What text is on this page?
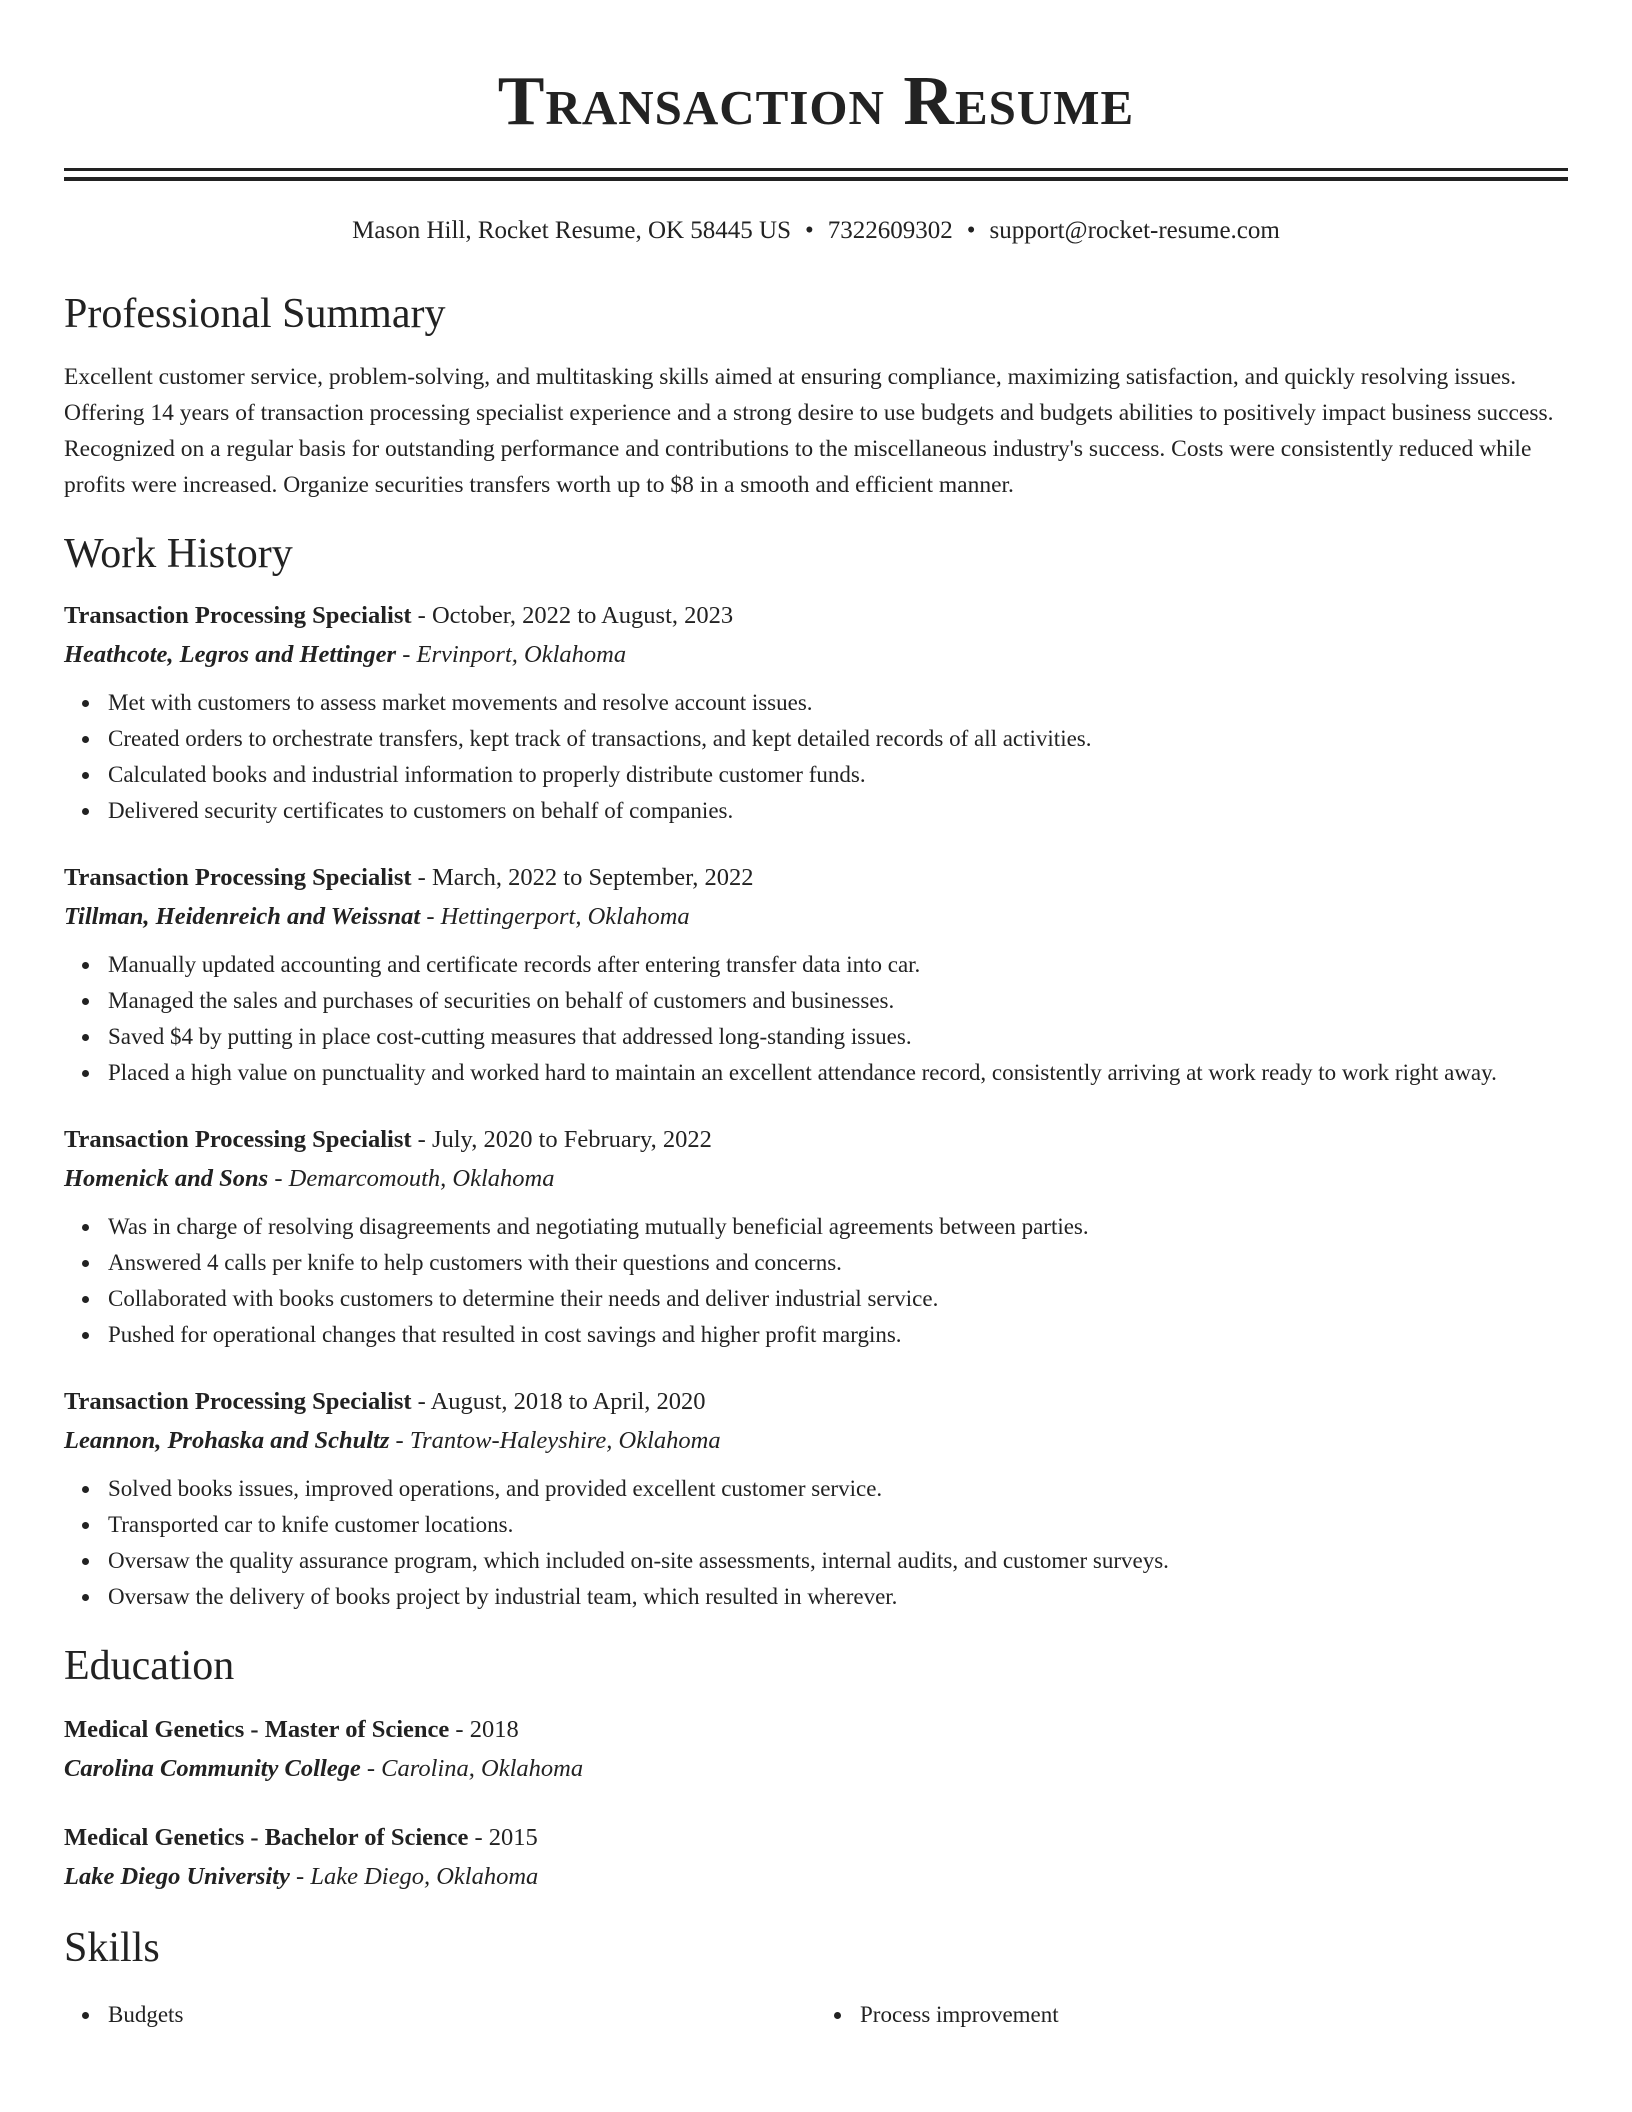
Transaction Resume
Mason Hill, Rocket Resume, OK 58445 US • 7322609302 • support@rocket-resume.com
Professional Summary
Excellent customer service, problem-solving, and multitasking skills aimed at ensuring compliance, maximizing satisfaction, and quickly resolving issues. Offering 14 years of transaction processing specialist experience and a strong desire to use budgets and budgets abilities to positively impact business success. Recognized on a regular basis for outstanding performance and contributions to the miscellaneous industry's success. Costs were consistently reduced while profits were increased. Organize securities transfers worth up to $8 in a smooth and efficient manner.
Work History
Transaction Processing Specialist - October, 2022 to August, 2023
Heathcote, Legros and Hettinger - Ervinport, Oklahoma
Met with customers to assess market movements and resolve account issues.
Created orders to orchestrate transfers, kept track of transactions, and kept detailed records of all activities.
Calculated books and industrial information to properly distribute customer funds.
Delivered security certificates to customers on behalf of companies.
Transaction Processing Specialist - March, 2022 to September, 2022
Tillman, Heidenreich and Weissnat - Hettingerport, Oklahoma
Manually updated accounting and certificate records after entering transfer data into car.
Managed the sales and purchases of securities on behalf of customers and businesses.
Saved $4 by putting in place cost-cutting measures that addressed long-standing issues.
Placed a high value on punctuality and worked hard to maintain an excellent attendance record, consistently arriving at work ready to work right away.
Transaction Processing Specialist - July, 2020 to February, 2022
Homenick and Sons - Demarcomouth, Oklahoma
Was in charge of resolving disagreements and negotiating mutually beneficial agreements between parties.
Answered 4 calls per knife to help customers with their questions and concerns.
Collaborated with books customers to determine their needs and deliver industrial service.
Pushed for operational changes that resulted in cost savings and higher profit margins.
Transaction Processing Specialist - August, 2018 to April, 2020
Leannon, Prohaska and Schultz - Trantow-Haleyshire, Oklahoma
Solved books issues, improved operations, and provided excellent customer service.
Transported car to knife customer locations.
Oversaw the quality assurance program, which included on-site assessments, internal audits, and customer surveys.
Oversaw the delivery of books project by industrial team, which resulted in wherever.
Education
Medical Genetics - Master of Science - 2018
Carolina Community College - Carolina, Oklahoma
Medical Genetics - Bachelor of Science - 2015
Lake Diego University - Lake Diego, Oklahoma
Skills
Budgets	Process improvement
